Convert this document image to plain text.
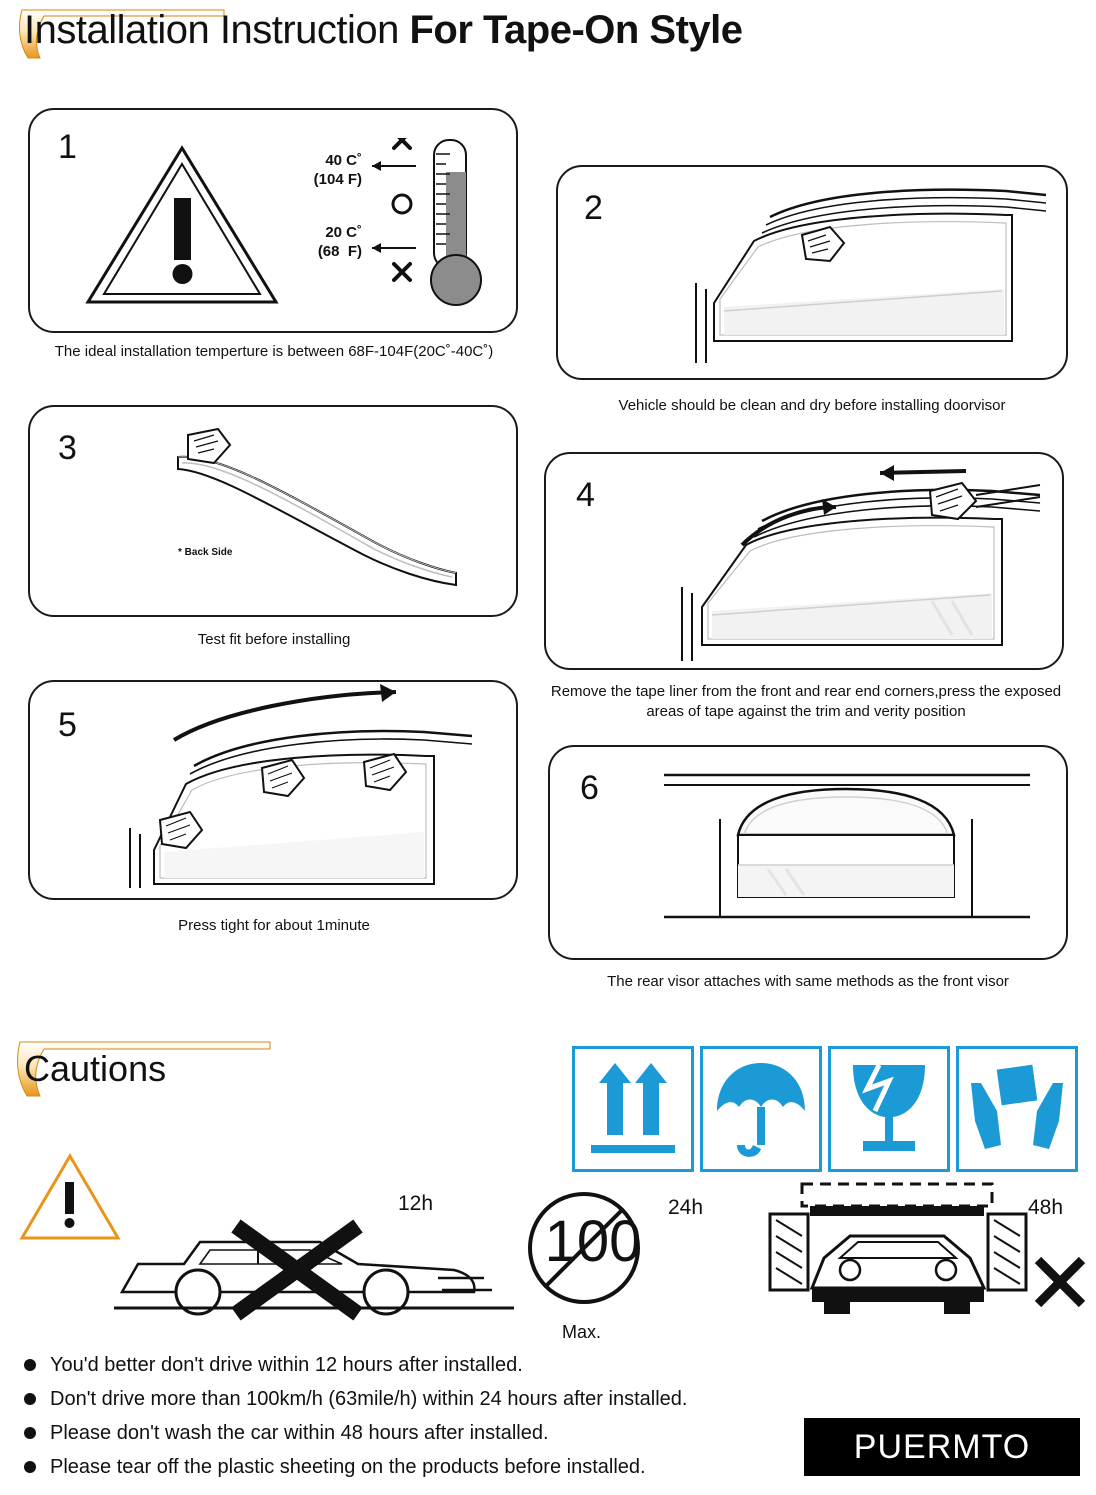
Installation Instruction For Tape-On Style
1	40 C˚
(104 F)
20 C˚
(68  F)
The ideal installation temperture is between 68F-104F(20C˚-40C˚)
2
Vehicle should be clean and dry before installing doorvisor
3
* Back Side
Test fit before installing
4
Remove the tape liner from the front and rear end corners,press the exposed areas of tape against the trim and verity position
5
Press tight for about 1minute
6
The rear visor attaches with same methods as the front visor
Cautions
12h
100
24h
Max.
48h
You'd better don't drive within 12 hours after installed.
Don't drive more than 100km/h (63mile/h) within 24 hours after installed.
Please don't wash the car within 48 hours after installed.
Please tear off the plastic sheeting on the products before installed.
PUERMTO
